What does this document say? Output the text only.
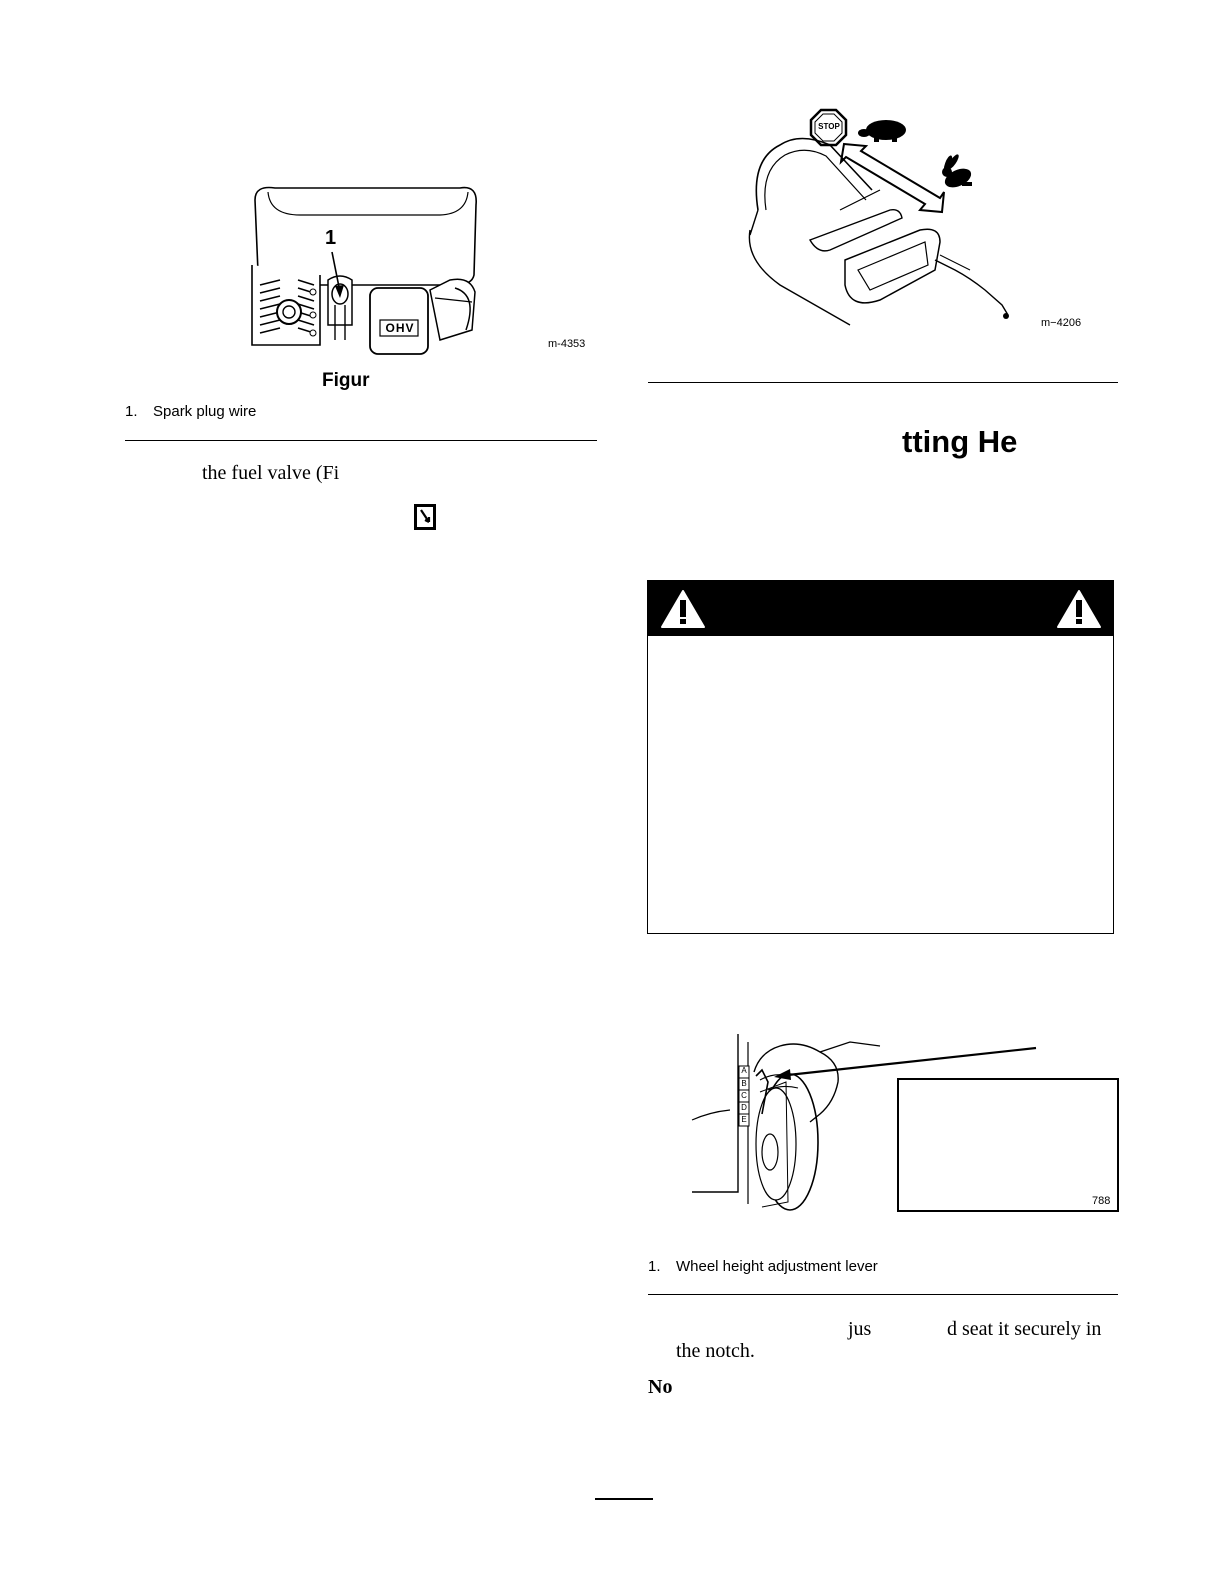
1
OHV
m-4353
Figur
1. Spark plug wire
the fuel valve (Fi
STOP
m−4206
tting He
A
B
C
D
E
788
1. Wheel height adjustment lever
jus	d seat it securely in
the notch.
No
